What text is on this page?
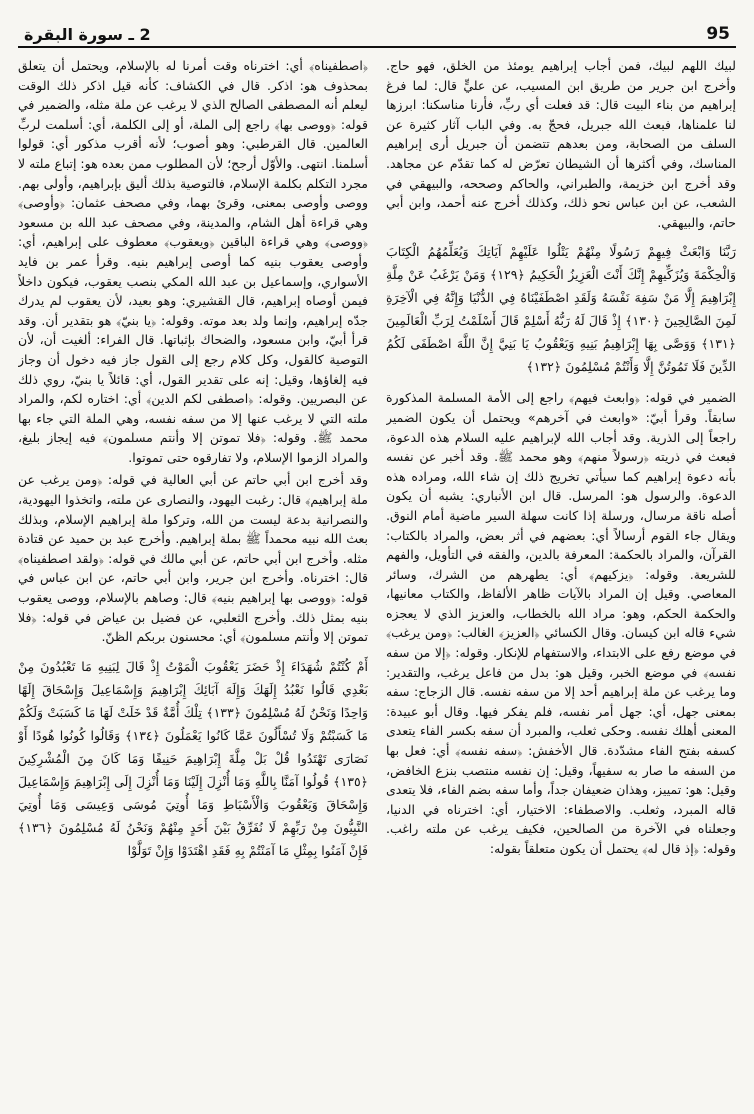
95
2 ـ سورة البقرة

لبيك اللهم لبيك، فمن أجاب إبراهيم يومئذ من الخلق، فهو حاج. وأخرج ابن جرير من طريق ابن المسيب، عن عليٍّ قال: لما فرغ إبراهيم من بناء البيت قال: قد فعلت أي ربِّ، فأرنا مناسكنا: ابرزها لنا علمناها، فبعث الله جبريل، فحجّ به. وفي الباب آثار كثيرة عن السلف من الصحابة، ومن بعدهم تتضمن أن جبريل أرى إبراهيم المناسك، وفي أكثرها أن الشيطان تعرّض له كما تقدّم عن مجاهد. وقد أخرج ابن خزيمة، والطبراني، والحاكم وصححه، والبيهقي في الشعب، عن ابن عباس نحو ذلك، وكذلك أخرج عنه أحمد، وابن أبي حاتم، والبيهقي.

رَبَّنَا وَابْعَثْ فِيهِمْ رَسُولًا مِنْهُمْ يَتْلُوا عَلَيْهِمْ آيَاتِكَ وَيُعَلِّمُهُمُ الْكِتَابَ وَالْحِكْمَةَ وَيُزَكِّيهِمْ إِنَّكَ أَنْتَ الْعَزِيزُ الْحَكِيمُ ﴿١٢٩﴾ وَمَنْ يَرْغَبُ عَنْ مِلَّةِ إِبْرَاهِيمَ إِلَّا مَنْ سَفِهَ نَفْسَهُ وَلَقَدِ اصْطَفَيْنَاهُ فِي الدُّنْيَا وَإِنَّهُ فِي الْآخِرَةِ لَمِنَ الصَّالِحِينَ ﴿١٣٠﴾ إِذْ قَالَ لَهُ رَبُّهُ أَسْلِمْ قَالَ أَسْلَمْتُ لِرَبِّ الْعَالَمِينَ ﴿١٣١﴾ وَوَصَّى بِهَا إِبْرَاهِيمُ بَنِيهِ وَيَعْقُوبُ يَا بَنِيَّ إِنَّ اللَّهَ اصْطَفَى لَكُمُ الدِّينَ فَلَا تَمُوتُنَّ إِلَّا وَأَنْتُمْ مُسْلِمُونَ ﴿١٣٢﴾

الضمير في قوله: ﴿وابعث فيهم﴾ راجع إلى الأمة المسلمة المذكورة سابقاً. وقرأ أبيّ: «وابعث في آخرهم» ويحتمل أن يكون الضمير راجعاً إلى الذرية. وقد أجاب الله لإبراهيم عليه السلام هذه الدعوة، فبعث في ذريته ﴿رسولاً منهم﴾ وهو محمد ﷺ. وقد أخبر عن نفسه بأنه دعوة إبراهيم كما سيأتي تخريج ذلك إن شاء الله، ومراده هذه الدعوة. والرسول هو: المرسل. قال ابن الأنباري: يشبه أن يكون أصله ناقة مرسال، ورسلة إذا كانت سهلة السير ماضية أمام النوق. ويقال جاء القوم أرسالاً أي: بعضهم في أثر بعض، والمراد بالكتاب: القرآن، والمراد بالحكمة: المعرفة بالدين، والفقه في التأويل، والفهم للشريعة. وقوله: ﴿يزكيهم﴾ أي: يطهرهم من الشرك، وسائر المعاصي. وقيل إن المراد بالآيات ظاهر الألفاظ، والكتاب معانيها، والحكمة الحكم، وهو: مراد الله بالخطاب، والعزيز الذي لا يعجزه شيء قاله ابن كيسان. وقال الكسائي ﴿العزيز﴾ الغالب: ﴿ومن يرغب﴾ في موضع رفع على الابتداء، والاستفهام للإنكار. وقوله: ﴿إلا من سفه نفسه﴾ في موضع الخبر، وقيل هو: بدل من فاعل يرغب، والتقدير: وما يرغب عن ملة إبراهيم أحد إلا من سفه نفسه. قال الزجاج: سفه بمعنى جهل، أي: جهل أمر نفسه، فلم يفكر فيها. وقال أبو عبيدة: المعنى أهلك نفسه. وحكى ثعلب، والمبرد أن سفه بكسر الفاء يتعدى كسفه بفتح الفاء مشدّدة. قال الأخفش: ﴿سفه نفسه﴾ أي: فعل بها من السفه ما صار به سفيهاً، وقيل: إن نفسه منتصب بنزع الخافض، وقيل: هو: تمييز، وهذان ضعيفان جداً، وأما سفه بضم الفاء، فلا يتعدى قاله المبرد، وثعلب. والاصطفاء: الاختيار، أي: اخترناه في الدنيا، وجعلناه في الآخرة من الصالحين، فكيف يرغب عن ملته راغب. وقوله: ﴿إذ قال له﴾ يحتمل أن يكون متعلقاً بقوله:

﴿اصطفيناه﴾ أي: اخترناه وقت أمرنا له بالإسلام، ويحتمل أن يتعلق بمحذوف هو: اذكر. قال في الكشاف: كأنه قيل اذكر ذلك الوقت ليعلم أنه المصطفى الصالح الذي لا يرغب عن ملة مثله، والضمير في قوله: ﴿ووصى بها﴾ راجع إلى الملة، أو إلى الكلمة، أي: أسلمت لربِّ العالمين. قال القرطبي: وهو أصوب؛ لأنه أقرب مذكور أي: قولوا أسلمنا. انتهى. والأوّل أرجح؛ لأن المطلوب ممن بعده هو: إتباع ملته لا مجرد التكلم بكلمة الإسلام، فالتوصية بذلك أليق بإبراهيم، وأولى بهم. ووصى وأوصى بمعنى، وقرئ بهما، وفي مصحف عثمان: ﴿وأوصى﴾ وهي قراءة أهل الشام، والمدينة، وفي مصحف عبد الله بن مسعود ﴿ووصى﴾ وهي قراءة الباقين ﴿ويعقوب﴾ معطوف على إبراهيم، أي: وأوصى يعقوب بنيه كما أوصى إبراهيم بنيه. وقرأ عمر بن فايد الأسواري، وإسماعيل بن عبد الله المكي بنصب يعقوب، فيكون داخلاً فيمن أوصاه إبراهيم، قال القشيري: وهو بعيد، لأن يعقوب لم يدرك جدّه إبراهيم، وإنما ولد بعد موته. وقوله: ﴿يا بنيّ﴾ هو بتقدير أن. وقد قرأ أبيّ، وابن مسعود، والضحاك بإثباتها. قال الفراء: ألغيت أن، لأن التوصية كالقول، وكل كلام رجع إلى القول جاز فيه دخول أن وجاز فيه إلغاؤها، وقيل: إنه على تقدير القول، أي: قائلاً يا بنيّ، روي ذلك عن البصريين. وقوله: ﴿اصطفى لكم الدين﴾ أي: اختاره لكم، والمراد ملته التي لا يرغب عنها إلا من سفه نفسه، وهي الملة التي جاء بها محمد ﷺ. وقوله: ﴿فلا تموتن إلا وأنتم مسلمون﴾ فيه إيجاز بليغ، والمراد الزموا الإسلام، ولا تفارقوه حتى تموتوا.

وقد أخرج ابن أبي حاتم عن أبي العالية في قوله: ﴿ومن يرغب عن ملة إبراهيم﴾ قال: رغبت اليهود، والنصارى عن ملته، واتخذوا اليهودية، والنصرانية بدعة ليست من الله، وتركوا ملة إبراهيم الإسلام، وبذلك بعث الله نبيه محمداً ﷺ بملة إبراهيم. وأخرج عبد بن حميد عن قتادة مثله. وأخرج ابن أبي حاتم، عن أبي مالك في قوله: ﴿ولقد اصطفيناه﴾ قال: اخترناه. وأخرج ابن جرير، وابن أبي حاتم، عن ابن عباس في قوله: ﴿ووصى بها إبراهيم بنيه﴾ قال: وصاهم بالإسلام، ووصى يعقوب بنيه بمثل ذلك. وأخرج الثعلبي، عن فضيل بن عياض في قوله: ﴿فلا تموتن إلا وأنتم مسلمون﴾ أي: محسنون بربكم الظنّ.

أَمْ كُنْتُمْ شُهَدَاءَ إِذْ حَضَرَ يَعْقُوبَ الْمَوْتُ إِذْ قَالَ لِبَنِيهِ مَا تَعْبُدُونَ مِنْ بَعْدِي قَالُوا نَعْبُدُ إِلَهَكَ وَإِلَهَ آبَائِكَ إِبْرَاهِيمَ وَإِسْمَاعِيلَ وَإِسْحَاقَ إِلَهًا وَاحِدًا وَنَحْنُ لَهُ مُسْلِمُونَ ﴿١٣٣﴾ تِلْكَ أُمَّةٌ قَدْ خَلَتْ لَهَا مَا كَسَبَتْ وَلَكُمْ مَا كَسَبْتُمْ وَلَا تُسْأَلُونَ عَمَّا كَانُوا يَعْمَلُونَ ﴿١٣٤﴾ وَقَالُوا كُونُوا هُودًا أَوْ نَصَارَى تَهْتَدُوا قُلْ بَلْ مِلَّةَ إِبْرَاهِيمَ حَنِيفًا وَمَا كَانَ مِنَ الْمُشْرِكِينَ ﴿١٣٥﴾ قُولُوا آمَنَّا بِاللَّهِ وَمَا أُنْزِلَ إِلَيْنَا وَمَا أُنْزِلَ إِلَى إِبْرَاهِيمَ وَإِسْمَاعِيلَ وَإِسْحَاقَ وَيَعْقُوبَ وَالْأَسْبَاطِ وَمَا أُوتِيَ مُوسَى وَعِيسَى وَمَا أُوتِيَ النَّبِيُّونَ مِنْ رَبِّهِمْ لَا نُفَرِّقُ بَيْنَ أَحَدٍ مِنْهُمْ وَنَحْنُ لَهُ مُسْلِمُونَ ﴿١٣٦﴾ فَإِنْ آمَنُوا بِمِثْلِ مَا آمَنْتُمْ بِهِ فَقَدِ اهْتَدَوْا وَإِنْ تَوَلَّوْا
